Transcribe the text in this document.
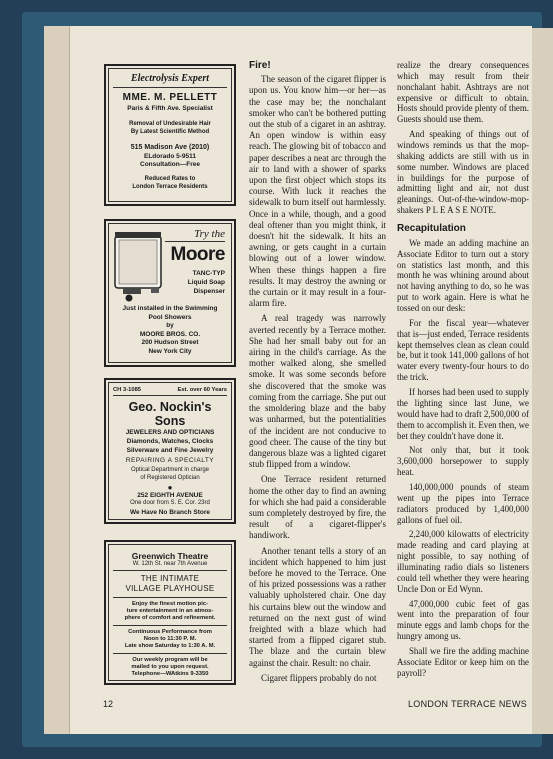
Electrolysis Expert
MME. M. PELLETT
Paris & Fifth Ave. Specialist
Removal of Undesirable Hair
By Latest Scientific Method
515 Madison Ave (2010)
ELdorado 5-9511
Consultation—Free
Reduced Rates to
London Terrace Residents
Try the
Moore
TANC-TYP
Liquid Soap
Dispenser
Just installed in the Swimming
Pool Showers
by
MOORE BROS. CO.
200 Hudson Street
New York City
CH 3-1085	Est. over 60 Years
Geo. Nockin's Sons
JEWELERS AND OPTICIANS
Diamonds, Watches, Clocks
Silverware and Fine Jewelry
REPAIRING A SPECIALTY
Optical Department in charge
of Registered Optician
●
252 EIGHTH AVENUE
One door from S. E. Cor. 23rd
We Have No Branch Store
Greenwich Theatre
W. 12th St. near 7th Avenue
THE INTIMATE
VILLAGE PLAYHOUSE
Enjoy the finest motion pic-
ture entertainment in an atmos-
phere of comfort and refinement.
Continuous Performance from
Noon to 11:30 P. M.
Late show Saturday to 1:30 A. M.
Our weekly program will be
mailed to you upon request.
Telephone—WAtkins 9-3350
Fire!

The season of the cigaret flipper is upon us. You know him—or her—as the case may be; the nonchalant smoker who can't be bothered putting out the stub of a cigaret in an ashtray. An open window is within easy reach. The glowing bit of tobacco and paper describes a neat arc through the air to land with a shower of sparks upon the first object which stops its course. With luck it reaches the sidewalk to burn itself out harmlessly. Once in a while, though, and a good deal oftener than you might think, it doesn't hit the sidewalk. It hits an awning, or gets caught in a curtain blowing out of a lower window. When these things happen a fire results. It may destroy the awning or the curtain or it may result in a four-alarm fire.

A real tragedy was narrowly averted recently by a Terrace mother. She had her small baby out for an airing in the child's carriage. As the mother walked along, she smelled smoke. It was some seconds before she discovered that the smoke was coming from the carriage. She put out the smoldering blaze and the baby was unharmed, but the potentialities of the incident are not conducive to good cheer. The cause of the tiny but dangerous blaze was a lighted cigaret stub flipped from a window.

One Terrace resident returned home the other day to find an awning for which she had paid a considerable sum completely destroyed by fire, the result of a cigaret-flipper's handiwork.

Another tenant tells a story of an incident which happened to him just before he moved to the Terrace. One of his prized possessions was a rather valuably upholstered chair. One day his curtains blew out the window and returned on the next gust of wind freighted with a blaze which had started from a flipped cigaret stub. The blaze and the curtain blew against the chair. Result: no chair.

Cigaret flippers probably do not

realize the dreary consequences which may result from their nonchalant habit. Ashtrays are not expensive or difficult to obtain. Hosts should provide plenty of them. Guests should use them.

And speaking of things out of windows reminds us that the mop-shaking addicts are still with us in some number. Windows are placed in buildings for the purpose of admitting light and air, not dust gleanings. Out-of-the-window-mop-shakers P L E A S E NOTE.

Recapitulation

We made an adding machine an Associate Editor to turn out a story on statistics last month, and this month he was whining around about not having anything to do, so he was put to work again. Here is what he tossed on our desk:

For the fiscal year—whatever that is—just ended, Terrace residents kept themselves clean as clean could be, but it took 141,000 gallons of hot water every twenty-four hours to do the trick.

If horses had been used to supply the lighting since last June, we would have had to draft 2,500,000 of them to accomplish it. Even then, we bet they couldn't have done it.

Not only that, but it took 3,600,000 horsepower to supply heat.

140,000,000 pounds of steam went up the pipes into Terrace radiators produced by 1,400,000 gallons of fuel oil.

2,240,000 kilowatts of electricity made reading and card playing at night possible, to say nothing of illuminating radio dials so listeners could tell whether they were hearing Uncle Don or Ed Wynn.

47,000,000 cubic feet of gas went into the preparation of four minute eggs and lamb chops for the hungry among us.

Shall we fire the adding machine Associate Editor or keep him on the payroll?

12	LONDON TERRACE NEWS
